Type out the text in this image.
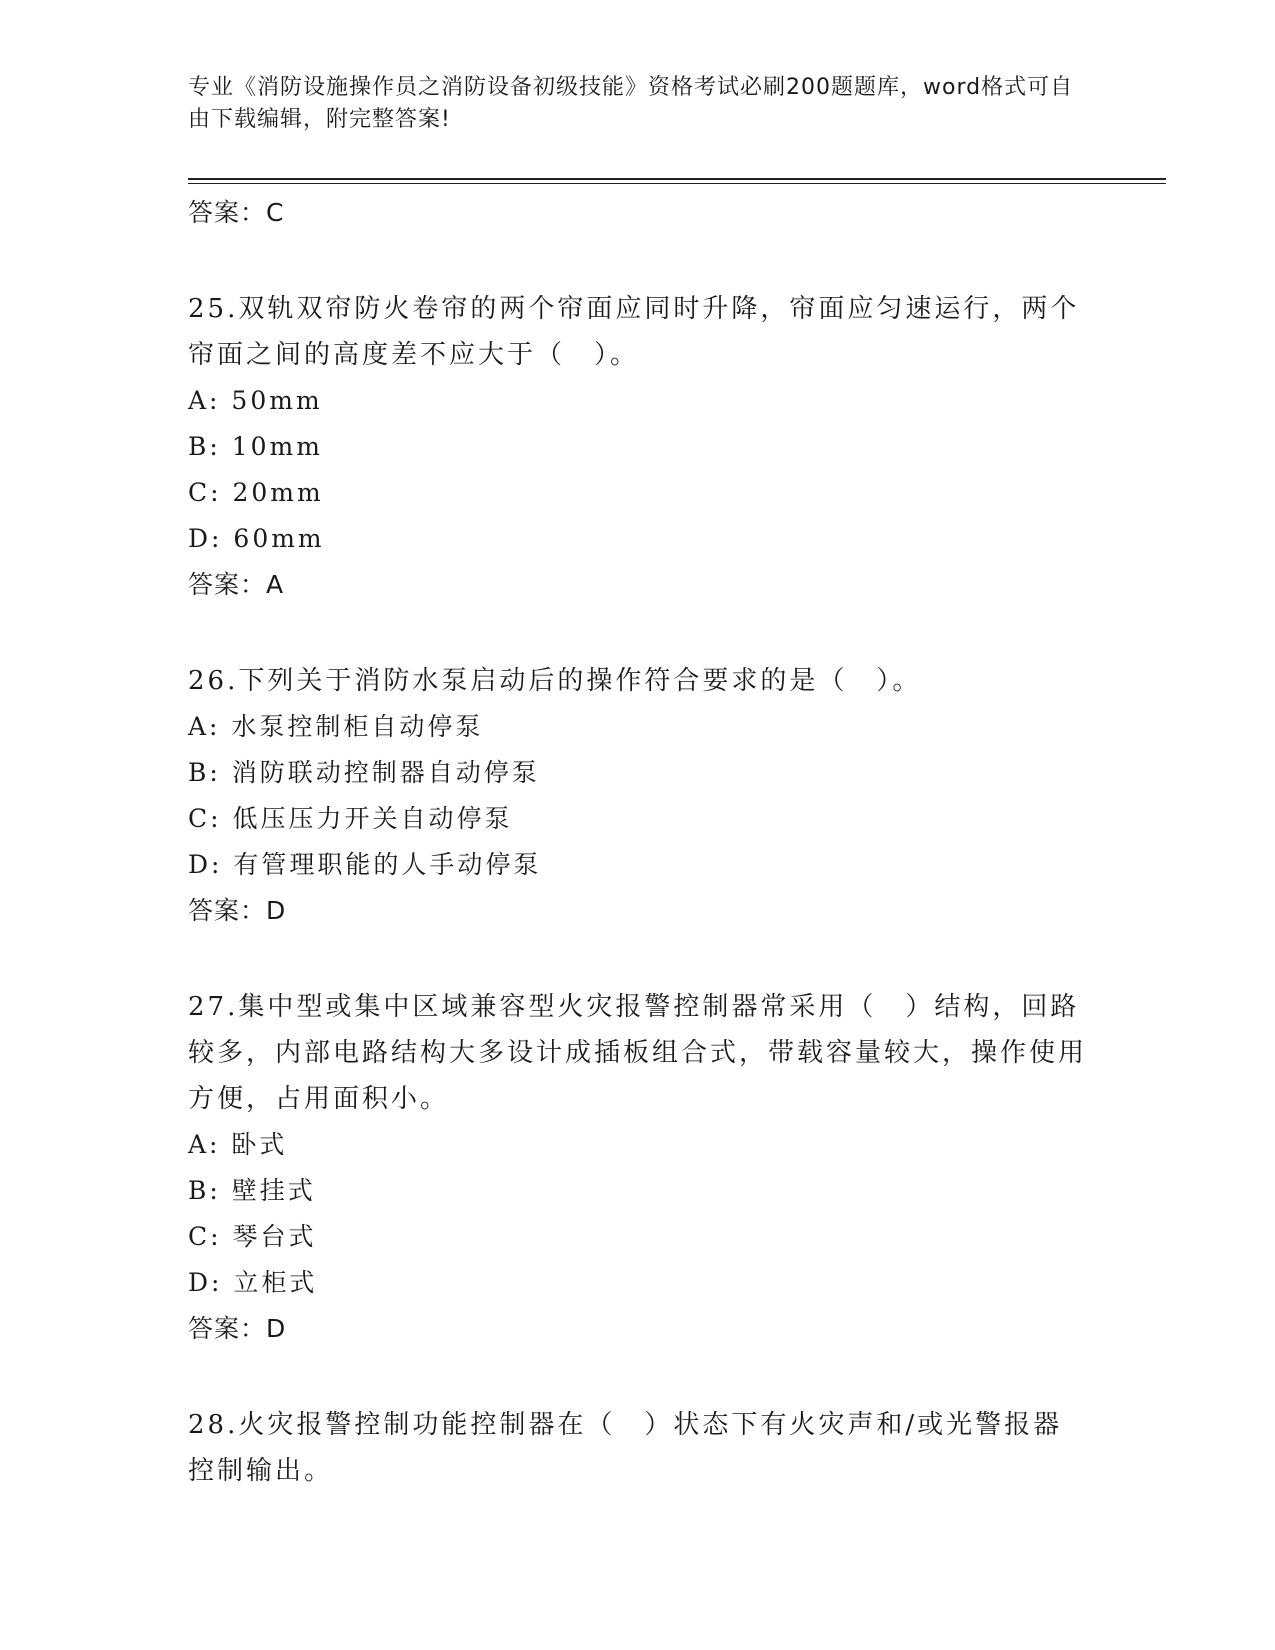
专业《消防设施操作员之消防设备初级技能》资格考试必刷200题题库，word格式可自由下载编辑，附完整答案!
答案：C
25.双轨双帘防火卷帘的两个帘面应同时升降，帘面应匀速运行，两个帘面之间的高度差不应大于（　）。
A: 50mm
B: 10mm
C: 20mm
D: 60mm
答案：A
26.下列关于消防水泵启动后的操作符合要求的是（　）。
A: 水泵控制柜自动停泵
B: 消防联动控制器自动停泵
C: 低压压力开关自动停泵
D: 有管理职能的人手动停泵
答案：D
27.集中型或集中区域兼容型火灾报警控制器常采用（　）结构，回路较多，内部电路结构大多设计成插板组合式，带载容量较大，操作使用方便，占用面积小。
A: 卧式
B: 壁挂式
C: 琴台式
D: 立柜式
答案：D
28.火灾报警控制功能控制器在（　）状态下有火灾声和/或光警报器控制输出。
